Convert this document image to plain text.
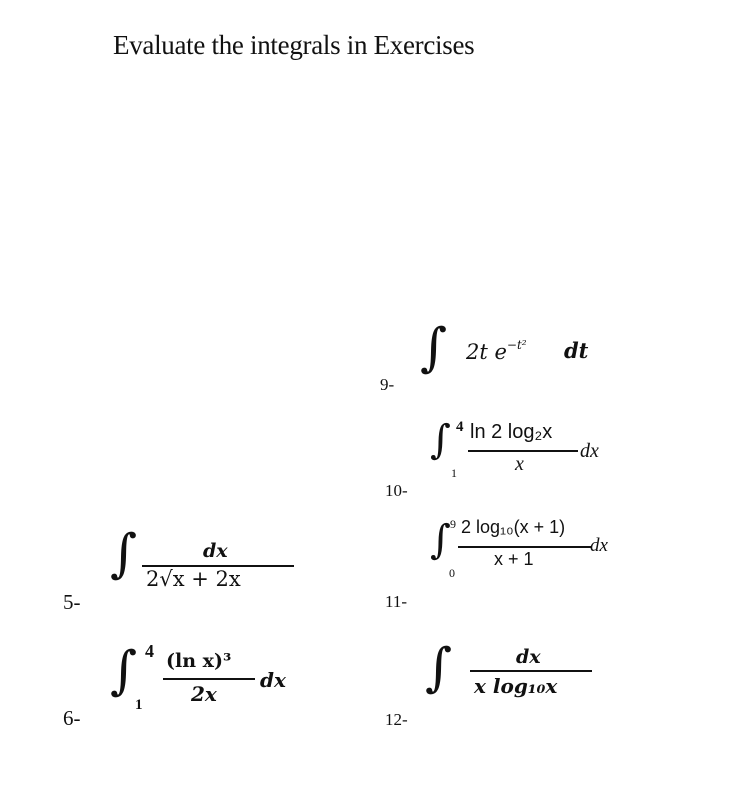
Evaluate the integrals in Exercises
9-
∫ 2t $e^{-t^2}$ dt
10-
∫ 4
1
ln 2 log₂x
x
dx
11-
∫ 9
0
2 log₁₀(x + 1)
x + 1
dx
12-
∫	dx
x log₁₀x
5-
∫	dx
2√x + 2x
6-
∫ 4
1
(ln x)³
2x
dx
